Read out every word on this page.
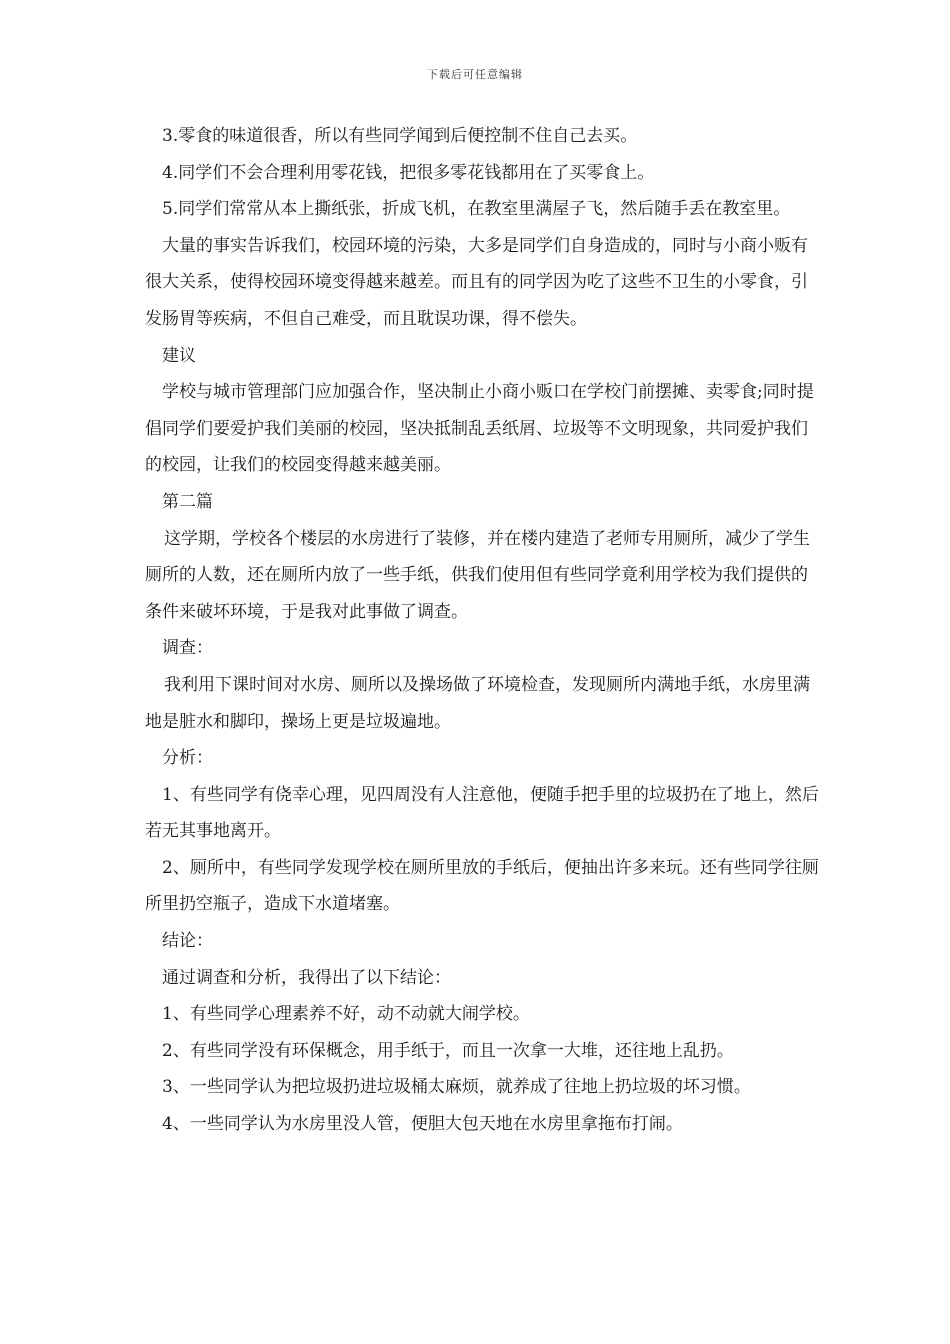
下载后可任意编辑

3.零食的味道很香，所以有些同学闻到后便控制不住自己去买。

4.同学们不会合理利用零花钱，把很多零花钱都用在了买零食上。

5.同学们常常从本上撕纸张，折成飞机，在教室里满屋子飞，然后随手丢在教室里。

大量的事实告诉我们，校园环境的污染，大多是同学们自身造成的，同时与小商小贩有很大关系，使得校园环境变得越来越差。而且有的同学因为吃了这些不卫生的小零食，引发肠胃等疾病，不但自己难受，而且耽误功课，得不偿失。

建议

学校与城市管理部门应加强合作，坚决制止小商小贩口在学校门前摆摊、卖零食;同时提倡同学们要爱护我们美丽的校园，坚决抵制乱丢纸屑、垃圾等不文明现象，共同爱护我们的校园，让我们的校园变得越来越美丽。

第二篇

这学期，学校各个楼层的水房进行了装修，并在楼内建造了老师专用厕所，减少了学生厕所的人数，还在厕所内放了一些手纸，供我们使用但有些同学竟利用学校为我们提供的条件来破坏环境，于是我对此事做了调查。

调查：

我利用下课时间对水房、厕所以及操场做了环境检查，发现厕所内满地手纸，水房里满地是脏水和脚印，操场上更是垃圾遍地。

分析：

1、有些同学有侥幸心理，见四周没有人注意他，便随手把手里的垃圾扔在了地上，然后若无其事地离开。

2、厕所中，有些同学发现学校在厕所里放的手纸后，便抽出许多来玩。还有些同学往厕所里扔空瓶子，造成下水道堵塞。

结论：

通过调查和分析，我得出了以下结论：

1、有些同学心理素养不好，动不动就大闹学校。

2、有些同学没有环保概念，用手纸于，而且一次拿一大堆，还往地上乱扔。

3、一些同学认为把垃圾扔进垃圾桶太麻烦，就养成了往地上扔垃圾的坏习惯。

4、一些同学认为水房里没人管，便胆大包天地在水房里拿拖布打闹。
